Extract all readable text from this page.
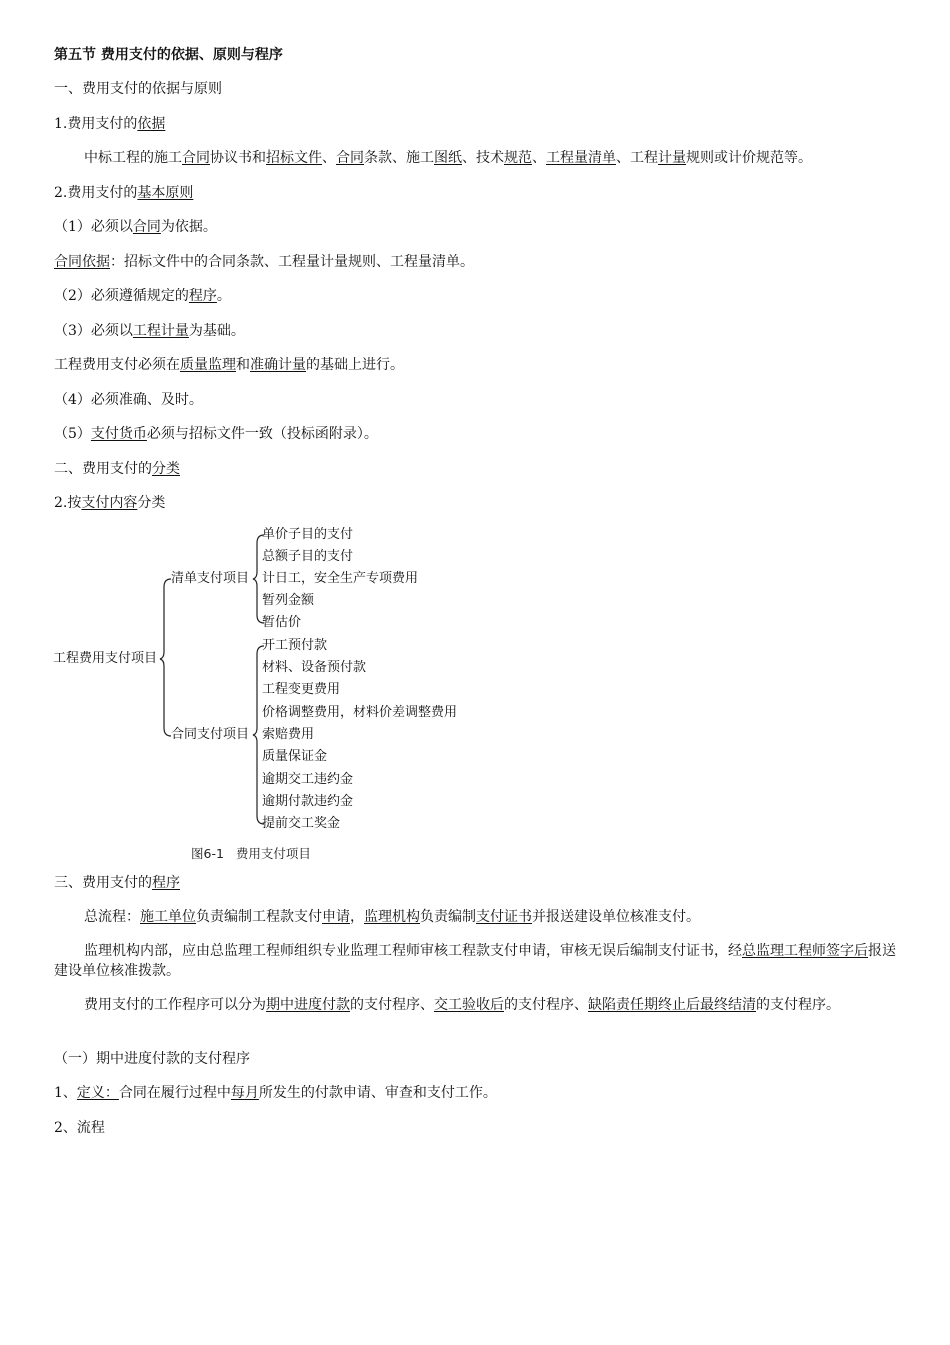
第五节 费用支付的依据、原则与程序
一、费用支付的依据与原则
1.费用支付的依据
中标工程的施工合同协议书和招标文件、合同条款、施工图纸、技术规范、工程量清单、工程计量规则或计价规范等。
2.费用支付的基本原则
（1）必须以合同为依据。
合同依据：招标文件中的合同条款、工程量计量规则、工程量清单。
（2）必须遵循规定的程序。
（3）必须以工程计量为基础。
工程费用支付必须在质量监理和准确计量的基础上进行。
（4）必须准确、及时。
（5）支付货币必须与招标文件一致（投标函附录）。
二、费用支付的分类
2.按支付内容分类
工程费用支付项目
清单支付项目
合同支付项目
单价子目的支付
总额子目的支付
计日工，安全生产专项费用
暂列金额
暂估价
开工预付款
材料、设备预付款
工程变更费用
价格调整费用，材料价差调整费用
索赔费用
质量保证金
逾期交工违约金
逾期付款违约金
提前交工奖金
图6-1 费用支付项目
三、费用支付的程序
总流程：施工单位负责编制工程款支付申请，监理机构负责编制支付证书并报送建设单位核准支付。
监理机构内部，应由总监理工程师组织专业监理工程师审核工程款支付申请，审核无误后编制支付证书，经总监理工程师签字后报送建设单位核准拨款。
费用支付的工作程序可以分为期中进度付款的支付程序、交工验收后的支付程序、缺陷责任期终止后最终结清的支付程序。
（一）期中进度付款的支付程序
1、定义：合同在履行过程中每月所发生的付款申请、审查和支付工作。
2、流程
